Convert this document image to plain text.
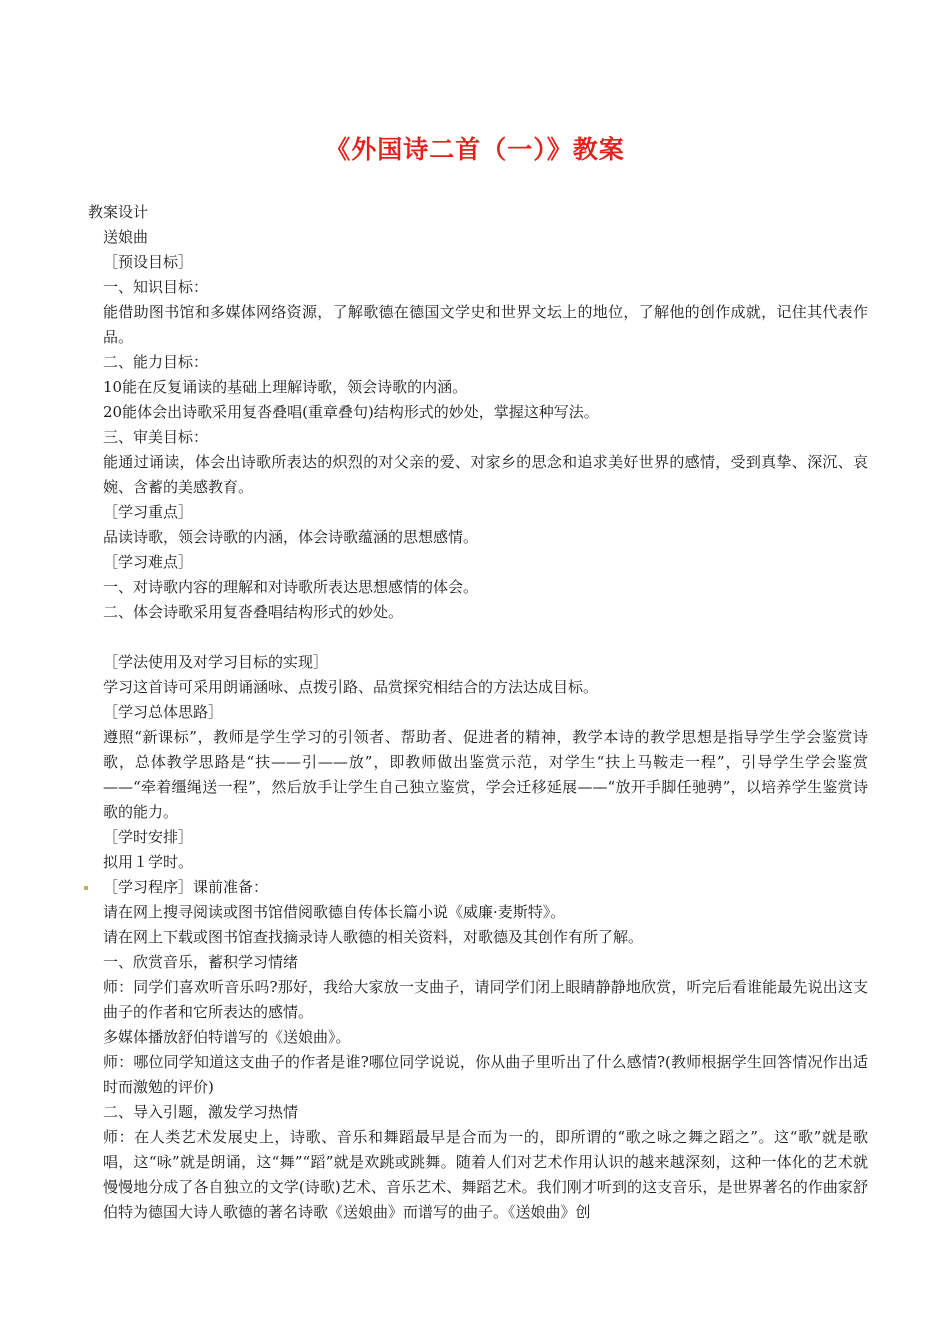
《外国诗二首（一）》教案

教案设计

送娘曲

［预设目标］

一、知识目标：

能借助图书馆和多媒体网络资源，了解歌德在德国文学史和世界文坛上的地位，了解他的创作成就，记住其代表作品。

二、能力目标：

10能在反复诵读的基础上理解诗歌，领会诗歌的内涵。

20能体会出诗歌采用复沓叠唱(重章叠句)结构形式的妙处，掌握这种写法。

三、审美目标：

能通过诵读，体会出诗歌所表达的炽烈的对父亲的爱、对家乡的思念和追求美好世界的感情，受到真挚、深沉、哀婉、含蓄的美感教育。

［学习重点］

品读诗歌，领会诗歌的内涵，体会诗歌蕴涵的思想感情。

［学习难点］

一、对诗歌内容的理解和对诗歌所表达思想感情的体会。

二、体会诗歌采用复沓叠唱结构形式的妙处。

［学法使用及对学习目标的实现］

学习这首诗可采用朗诵涵咏、点拨引路、品赏探究相结合的方法达成目标。

［学习总体思路］

遵照“新课标”，教师是学生学习的引领者、帮助者、促进者的精神，教学本诗的教学思想是指导学生学会鉴赏诗歌，总体教学思路是“扶——引——放”，即教师做出鉴赏示范，对学生“扶上马鞍走一程”，引导学生学会鉴赏——“牵着缰绳送一程”，然后放手让学生自己独立鉴赏，学会迁移延展——“放开手脚任驰骋”，以培养学生鉴赏诗歌的能力。

［学时安排］

拟用１学时。

［学习程序］课前准备：

请在网上搜寻阅读或图书馆借阅歌德自传体长篇小说《威廉·麦斯特》。

请在网上下载或图书馆查找摘录诗人歌德的相关资料，对歌德及其创作有所了解。

一、欣赏音乐，蓄积学习情绪

师：同学们喜欢听音乐吗?那好，我给大家放一支曲子，请同学们闭上眼睛静静地欣赏，听完后看谁能最先说出这支曲子的作者和它所表达的感情。

多媒体播放舒伯特谱写的《送娘曲》。

师：哪位同学知道这支曲子的作者是谁?哪位同学说说，你从曲子里听出了什么感情?(教师根据学生回答情况作出适时而激勉的评价)

二、导入引题，激发学习热情

师：在人类艺术发展史上，诗歌、音乐和舞蹈最早是合而为一的，即所谓的“歌之咏之舞之蹈之”。这“歌”就是歌唱，这“咏”就是朗诵，这“舞”“蹈”就是欢跳或跳舞。随着人们对艺术作用认识的越来越深刻，这种一体化的艺术就慢慢地分成了各自独立的文学(诗歌)艺术、音乐艺术、舞蹈艺术。我们刚才听到的这支音乐，是世界著名的作曲家舒伯特为德国大诗人歌德的著名诗歌《送娘曲》而谱写的曲子。《送娘曲》创
